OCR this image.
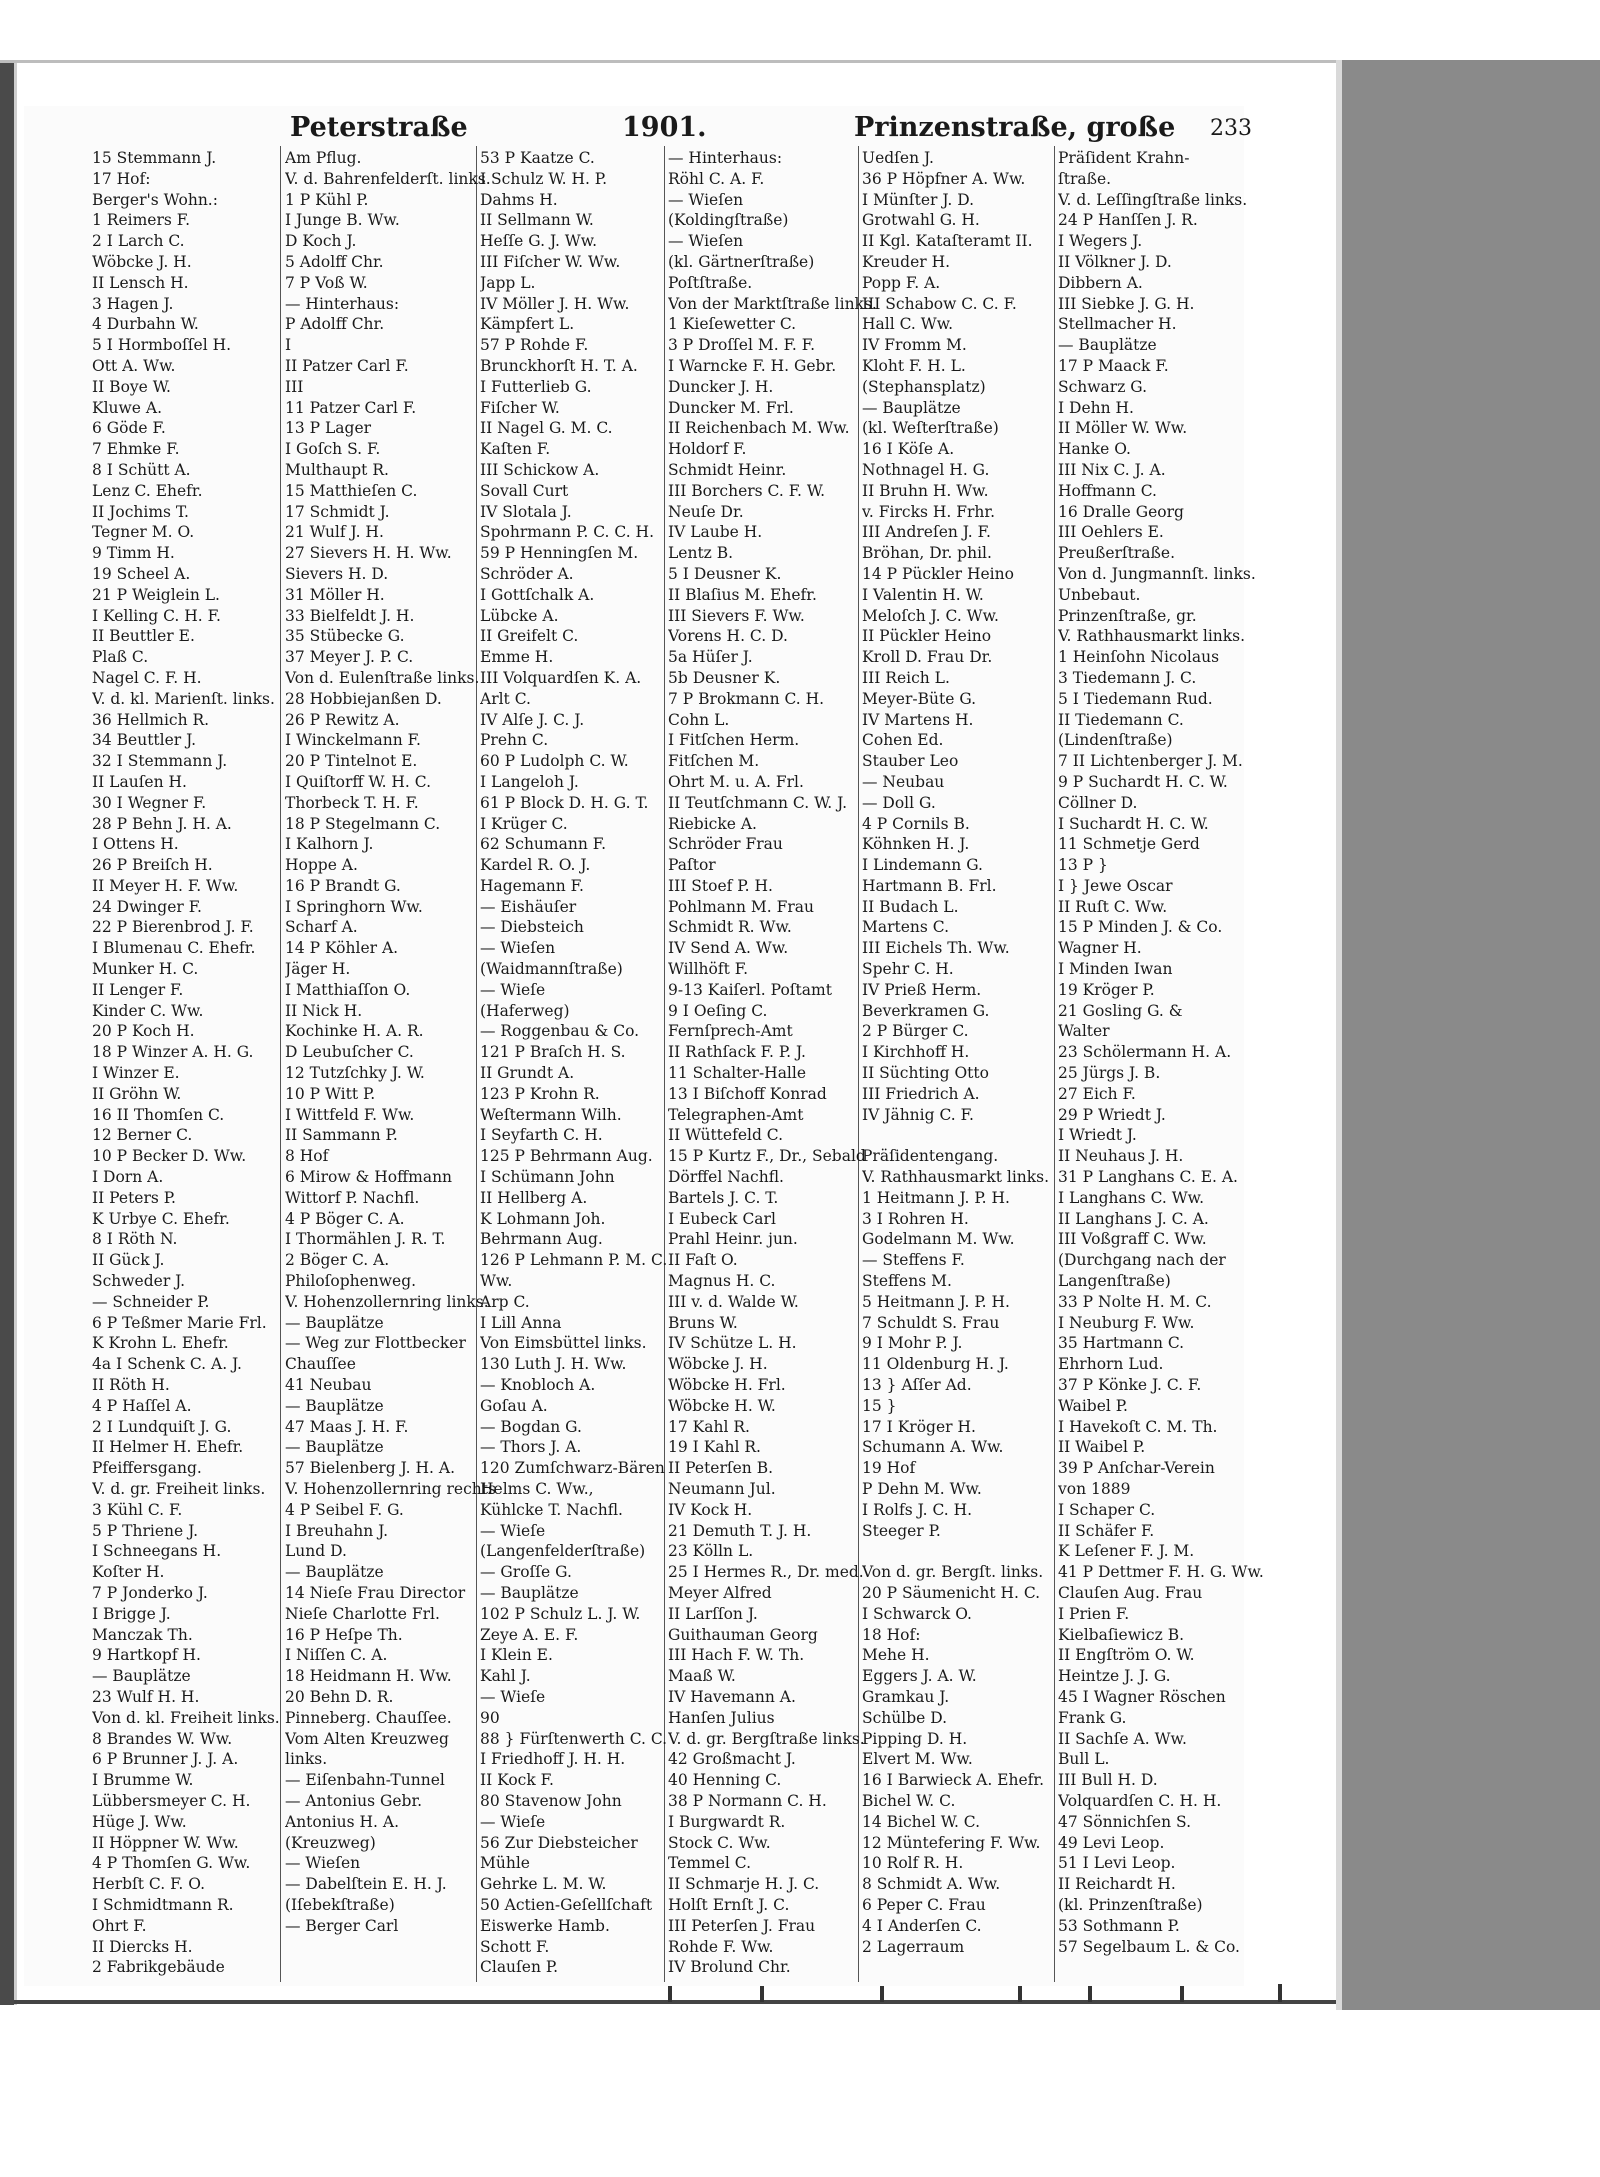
Peterstraße	1901.	Prinzenstraße, große 233
15 Stemmann J.
17 Hof:
Berger's Wohn.:
1 Reimers F.
2 I Larch C.
Wöbcke J. H.
II Lensch H.
3 Hagen J.
4 Durbahn W.
5 I Hormboſſel H.
Ott A. Ww.
II Boye W.
Kluwe A.
6 Göde F.
7 Ehmke F.
8 I Schütt A.
Lenz C. Ehefr.
II Jochims T.
Tegner M. O.
9 Timm H.
19 Scheel A.
21 P Weiglein L.
I Kelling C. H. F.
II Beuttler E.
Plaß C.
Nagel C. F. H.
V. d. kl. Marienſt. links.
36 Hellmich R.
34 Beuttler J.
32 I Stemmann J.
II Lauſen H.
30 I Wegner F.
28 P Behn J. H. A.
I Ottens H.
26 P Breiſch H.
II Meyer H. F. Ww.
24 Dwinger F.
22 P Bierenbrod J. F.
I Blumenau C. Ehefr.
Munker H. C.
II Lenger F.
Kinder C. Ww.
20 P Koch H.
18 P Winzer A. H. G.
I Winzer E.
II Gröhn W.
16 II Thomſen C.
12 Berner C.
10 P Becker D. Ww.
I Dorn A.
II Peters P.
K Urbye C. Ehefr.
8 I Röth N.
II Gück J.
Schweder J.
— Schneider P.
6 P Teßmer Marie Frl.
K Krohn L. Ehefr.
4a I Schenk C. A. J.
II Röth H.
4 P Haſſel A.
2 I Lundquiſt J. G.
II Helmer H. Ehefr.
Pfeiffersgang.
V. d. gr. Freiheit links.
3 Kühl C. F.
5 P Thriene J.
I Schneegans H.
Koſter H.
7 P Jonderko J.
I Brigge J.
Manczak Th.
9 Hartkopf H.
— Bauplätze
23 Wulf H. H.
Von d. kl. Freiheit links.
8 Brandes W. Ww.
6 P Brunner J. J. A.
I Brumme W.
Lübbersmeyer C. H.
Hüge J. Ww.
II Höppner W. Ww.
4 P Thomſen G. Ww.
Herbſt C. F. O.
I Schmidtmann R.
Ohrt F.
II Diercks H.
2 Fabrikgebäude
Am Pflug.
V. d. Bahrenfelderſt. links.
1 P Kühl P.
I Junge B. Ww.
D Koch J.
5 Adolff Chr.
7 P Voß W.
— Hinterhaus:
P Adolff Chr.
I
II Patzer Carl F.
III
11 Patzer Carl F.
13 P Lager
I Goſch S. F.
Multhaupt R.
15 Matthieſen C.
17 Schmidt J.
21 Wulf J. H.
27 Sievers H. H. Ww.
Sievers H. D.
31 Möller H.
33 Bielfeldt J. H.
35 Stübecke G.
37 Meyer J. P. C.
Von d. Eulenſtraße links.
28 Hobbiejanßen D.
26 P Rewitz A.
I Winckelmann F.
20 P Tintelnot E.
I Quiſtorff W. H. C.
Thorbeck T. H. F.
18 P Stegelmann C.
I Kalhorn J.
Hoppe A.
16 P Brandt G.
I Springhorn Ww.
Scharf A.
14 P Köhler A.
Jäger H.
I Matthiaſſon O.
II Nick H.
Kochinke H. A. R.
D Leubuſcher C.
12 Tutzſchky J. W.
10 P Witt P.
I Wittfeld F. Ww.
II Sammann P.
8 Hof
6 Mirow & Hoffmann
Wittorf P. Nachfl.
4 P Böger C. A.
I Thormählen J. R. T.
2 Böger C. A.
Philoſophenweg.
V. Hohenzollernring links.
— Bauplätze
— Weg zur Flottbecker
Chauſſee
41 Neubau
— Bauplätze
47 Maas J. H. F.
— Bauplätze
57 Bielenberg J. H. A.
V. Hohenzollernring rechts
4 P Seibel F. G.
I Breuhahn J.
Lund D.
— Bauplätze
14 Nieſe Frau Director
Nieſe Charlotte Frl.
16 P Heſpe Th.
I Niſſen C. A.
18 Heidmann H. Ww.
20 Behn D. R.
Pinneberg. Chauſſee.
Vom Alten Kreuzweg
links.
— Eiſenbahn-Tunnel
— Antonius Gebr.
Antonius H. A.
(Kreuzweg)
— Wieſen
— Dabelſtein E. H. J.
(Iſebekſtraße)
— Berger Carl
53 P Kaatze C.
I Schulz W. H. P.
Dahms H.
II Sellmann W.
Heſſe G. J. Ww.
III Fiſcher W. Ww.
Japp L.
IV Möller J. H. Ww.
Kämpfert L.
57 P Rohde F.
Brunckhorſt H. T. A.
I Futterlieb G.
Fiſcher W.
II Nagel G. M. C.
Kaſten F.
III Schickow A.
Sovall Curt
IV Slotala J.
Spohrmann P. C. C. H.
59 P Henningſen M.
Schröder A.
I Gottſchalk A.
Lübcke A.
II Greifelt C.
Emme H.
III Volquardſen K. A.
Arlt C.
IV Alſe J. C. J.
Prehn C.
60 P Ludolph C. W.
I Langeloh J.
61 P Block D. H. G. T.
I Krüger C.
62 Schumann F.
Kardel R. O. J.
Hagemann F.
— Eishäuſer
— Diebsteich
— Wieſen
(Waidmannſtraße)
— Wieſe
(Haferweg)
— Roggenbau & Co.
121 P Braſch H. S.
II Grundt A.
123 P Krohn R.
Weſtermann Wilh.
I Seyfarth C. H.
125 P Behrmann Aug.
I Schümann John
II Hellberg A.
K Lohmann Joh.
Behrmann Aug.
126 P Lehmann P. M. C.
Ww.
Arp C.
I Lill Anna
Von Eimsbüttel links.
130 Luth J. H. Ww.
— Knobloch A.
Goſau A.
— Bogdan G.
— Thors J. A.
120 Zumſchwarz-Bären
Helms C. Ww.,
Kühlcke T. Nachfl.
— Wieſe
(Langenfelderſtraße)
— Groſſe G.
— Bauplätze
102 P Schulz L. J. W.
Zeye A. E. F.
I Klein E.
Kahl J.
— Wieſe
90
88 } Fürſtenwerth C. C.
I Friedhoff J. H. H.
II Kock F.
80 Stavenow John
— Wieſe
56 Zur Diebsteicher
Mühle
Gehrke L. M. W.
50 Actien-Geſellſchaft
Eiswerke Hamb.
Schott F.
Clauſen P.
— Hinterhaus:
Röhl C. A. F.
— Wieſen
(Koldingſtraße)
— Wieſen
(kl. Gärtnerſtraße)
Poſtſtraße.
Von der Marktſtraße links.
1 Kieſewetter C.
3 P Droſſel M. F. F.
I Warncke F. H. Gebr.
Duncker J. H.
Duncker M. Frl.
II Reichenbach M. Ww.
Holdorf F.
Schmidt Heinr.
III Borchers C. F. W.
Neuſe Dr.
IV Laube H.
Lentz B.
5 I Deusner K.
II Blaſius M. Ehefr.
III Sievers F. Ww.
Vorens H. C. D.
5a Hüſer J.
5b Deusner K.
7 P Brokmann C. H.
Cohn L.
I Fitſchen Herm.
Fitſchen M.
Ohrt M. u. A. Frl.
II Teutſchmann C. W. J.
Riebicke A.
Schröder Frau
Paſtor
III Stoef P. H.
Pohlmann M. Frau
Schmidt R. Ww.
IV Send A. Ww.
Willhöft F.
9-13 Kaiſerl. Poſtamt
9 I Oeſing C.
Fernſprech-Amt
II Rathſack F. P. J.
11 Schalter-Halle
13 I Biſchoff Konrad
Telegraphen-Amt
II Wüttefeld C.
15 P Kurtz F., Dr., Sebald
Dörffel Nachfl.
Bartels J. C. T.
I Eubeck Carl
Prahl Heinr. jun.
II Faſt O.
Magnus H. C.
III v. d. Walde W.
Bruns W.
IV Schütze L. H.
Wöbcke J. H.
Wöbcke H. Frl.
Wöbcke H. W.
17 Kahl R.
19 I Kahl R.
II Peterſen B.
Neumann Jul.
IV Kock H.
21 Demuth T. J. H.
23 Kölln L.
25 I Hermes R., Dr. med.
Meyer Alfred
II Larſſon J.
Guithauman Georg
III Hach F. W. Th.
Maaß W.
IV Havemann A.
Hanſen Julius
V. d. gr. Bergſtraße links.
42 Großmacht J.
40 Henning C.
38 P Normann C. H.
I Burgwardt R.
Stock C. Ww.
Temmel C.
II Schmarje H. J. C.
Holſt Ernſt J. C.
III Peterſen J. Frau
Rohde F. Ww.
IV Brolund Chr.
Uedſen J.
36 P Höpfner A. Ww.
I Münſter J. D.
Grotwahl G. H.
II Kgl. Kataſteramt II.
Kreuder H.
Popp F. A.
III Schabow C. C. F.
Hall C. Ww.
IV Fromm M.
Kloht F. H. L.
(Stephansplatz)
— Bauplätze
(kl. Weſterſtraße)
16 I Köſe A.
Nothnagel H. G.
II Bruhn H. Ww.
v. Fircks H. Frhr.
III Andreſen J. F.
Bröhan, Dr. phil.
14 P Pückler Heino
I Valentin H. W.
Meloſch J. C. Ww.
II Pückler Heino
Kroll D. Frau Dr.
III Reich L.
Meyer-Büte G.
IV Martens H.
Cohen Ed.
Stauber Leo
— Neubau
— Doll G.
4 P Cornils B.
Köhnken H. J.
I Lindemann G.
Hartmann B. Frl.
II Budach L.
Martens C.
III Eichels Th. Ww.
Spehr C. H.
IV Prieß Herm.
Beverkramen G.
2 P Bürger C.
I Kirchhoff H.
II Süchting Otto
III Friedrich A.
IV Jähnig C. F.
Präſidentengang.
V. Rathhausmarkt links.
1 Heitmann J. P. H.
3 I Rohren H.
Godelmann M. Ww.
— Steffens F.
Steffens M.
5 Heitmann J. P. H.
7 Schuldt S. Frau
9 I Mohr P. J.
11 Oldenburg H. J.
13 } Aſſer Ad.
15 }
17 I Kröger H.
Schumann A. Ww.
19 Hof
P Dehn M. Ww.
I Rolfs J. C. H.
Steeger P.
Von d. gr. Bergſt. links.
20 P Säumenicht H. C.
I Schwarck O.
18 Hof:
Mehe H.
Eggers J. A. W.
Gramkau J.
Schülbe D.
Pipping D. H.
Elvert M. Ww.
16 I Barwieck A. Ehefr.
Bichel W. C.
14 Bichel W. C.
12 Müntefering F. Ww.
10 Rolf R. H.
8 Schmidt A. Ww.
6 Peper C. Frau
4 I Anderſen C.
2 Lagerraum
Präſident Krahn-
ſtraße.
V. d. Leſſingſtraße links.
24 P Hanſſen J. R.
I Wegers J.
II Völkner J. D.
Dibbern A.
III Siebke J. G. H.
Stellmacher H.
— Bauplätze
17 P Maack F.
Schwarz G.
I Dehn H.
II Möller W. Ww.
Hanke O.
III Nix C. J. A.
Hoffmann C.
16 Dralle Georg
III Oehlers E.
Preußerſtraße.
Von d. Jungmannſt. links.
Unbebaut.
Prinzenſtraße, gr.
V. Rathhausmarkt links.
1 Heinſohn Nicolaus
3 Tiedemann J. C.
5 I Tiedemann Rud.
II Tiedemann C.
(Lindenſtraße)
7 II Lichtenberger J. M.
9 P Suchardt H. C. W.
Cöllner D.
I Suchardt H. C. W.
11 Schmetje Gerd
13 P }
I } Jewe Oscar
II Ruſt C. Ww.
15 P Minden J. & Co.
Wagner H.
I Minden Iwan
19 Kröger P.
21 Gosling G. &
Walter
23 Schölermann H. A.
25 Jürgs J. B.
27 Eich F.
29 P Wriedt J.
I Wriedt J.
II Neuhaus J. H.
31 P Langhans C. E. A.
I Langhans C. Ww.
II Langhans J. C. A.
III Voßgraff C. Ww.
(Durchgang nach der
Langenſtraße)
33 P Nolte H. M. C.
I Neuburg F. Ww.
35 Hartmann C.
Ehrhorn Lud.
37 P Könke J. C. F.
Waibel P.
I Havekoſt C. M. Th.
II Waibel P.
39 P Anſchar-Verein
von 1889
I Schaper C.
II Schäfer F.
K Leſener F. J. M.
41 P Dettmer F. H. G. Ww.
Clauſen Aug. Frau
I Prien F.
Kielbaſiewicz B.
II Engſtröm O. W.
Heintze J. J. G.
45 I Wagner Röschen
Frank G.
II Sachſe A. Ww.
Bull L.
III Bull H. D.
Volquardſen C. H. H.
47 Sönnichſen S.
49 Levi Leop.
51 I Levi Leop.
II Reichardt H.
(kl. Prinzenſtraße)
53 Sothmann P.
57 Segelbaum L. & Co.
